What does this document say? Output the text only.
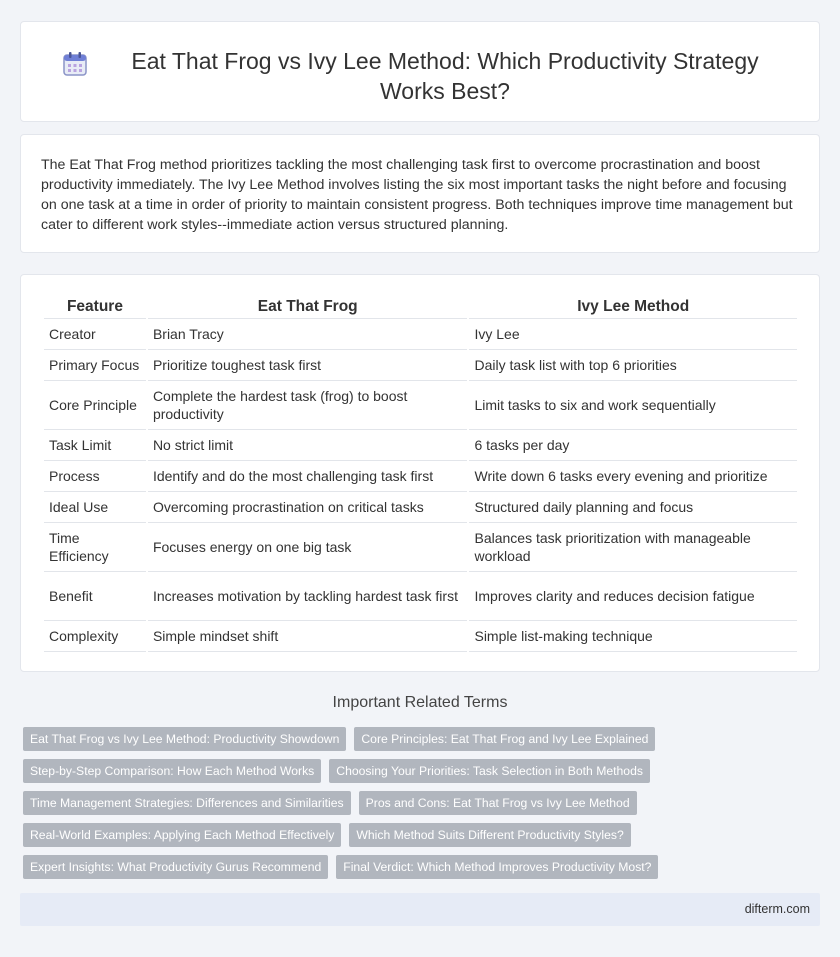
Eat That Frog vs Ivy Lee Method: Which Productivity Strategy Works Best?

The Eat That Frog method prioritizes tackling the most challenging task first to overcome procrastination and boost productivity immediately. The Ivy Lee Method involves listing the six most important tasks the night before and focusing on one task at a time in order of priority to maintain consistent progress. Both techniques improve time management but cater to different work styles--immediate action versus structured planning.

Feature	Eat That Frog	Ivy Lee Method
Creator	Brian Tracy	Ivy Lee
Primary Focus	Prioritize toughest task first	Daily task list with top 6 priorities
Core Principle	Complete the hardest task (frog) to boost productivity	Limit tasks to six and work sequentially
Task Limit	No strict limit	6 tasks per day
Process	Identify and do the most challenging task first	Write down 6 tasks every evening and prioritize
Ideal Use	Overcoming procrastination on critical tasks	Structured daily planning and focus
Time Efficiency	Focuses energy on one big task	Balances task prioritization with manageable workload
Benefit	Increases motivation by tackling hardest task first	Improves clarity and reduces decision fatigue
Complexity	Simple mindset shift	Simple list-making technique
Important Related Terms
Eat That Frog vs Ivy Lee Method: Productivity Showdown	Core Principles: Eat That Frog and Ivy Lee Explained
Step-by-Step Comparison: How Each Method Works	Choosing Your Priorities: Task Selection in Both Methods
Time Management Strategies: Differences and Similarities	Pros and Cons: Eat That Frog vs Ivy Lee Method
Real-World Examples: Applying Each Method Effectively	Which Method Suits Different Productivity Styles?
Expert Insights: What Productivity Gurus Recommend	Final Verdict: Which Method Improves Productivity Most?
difterm.com
